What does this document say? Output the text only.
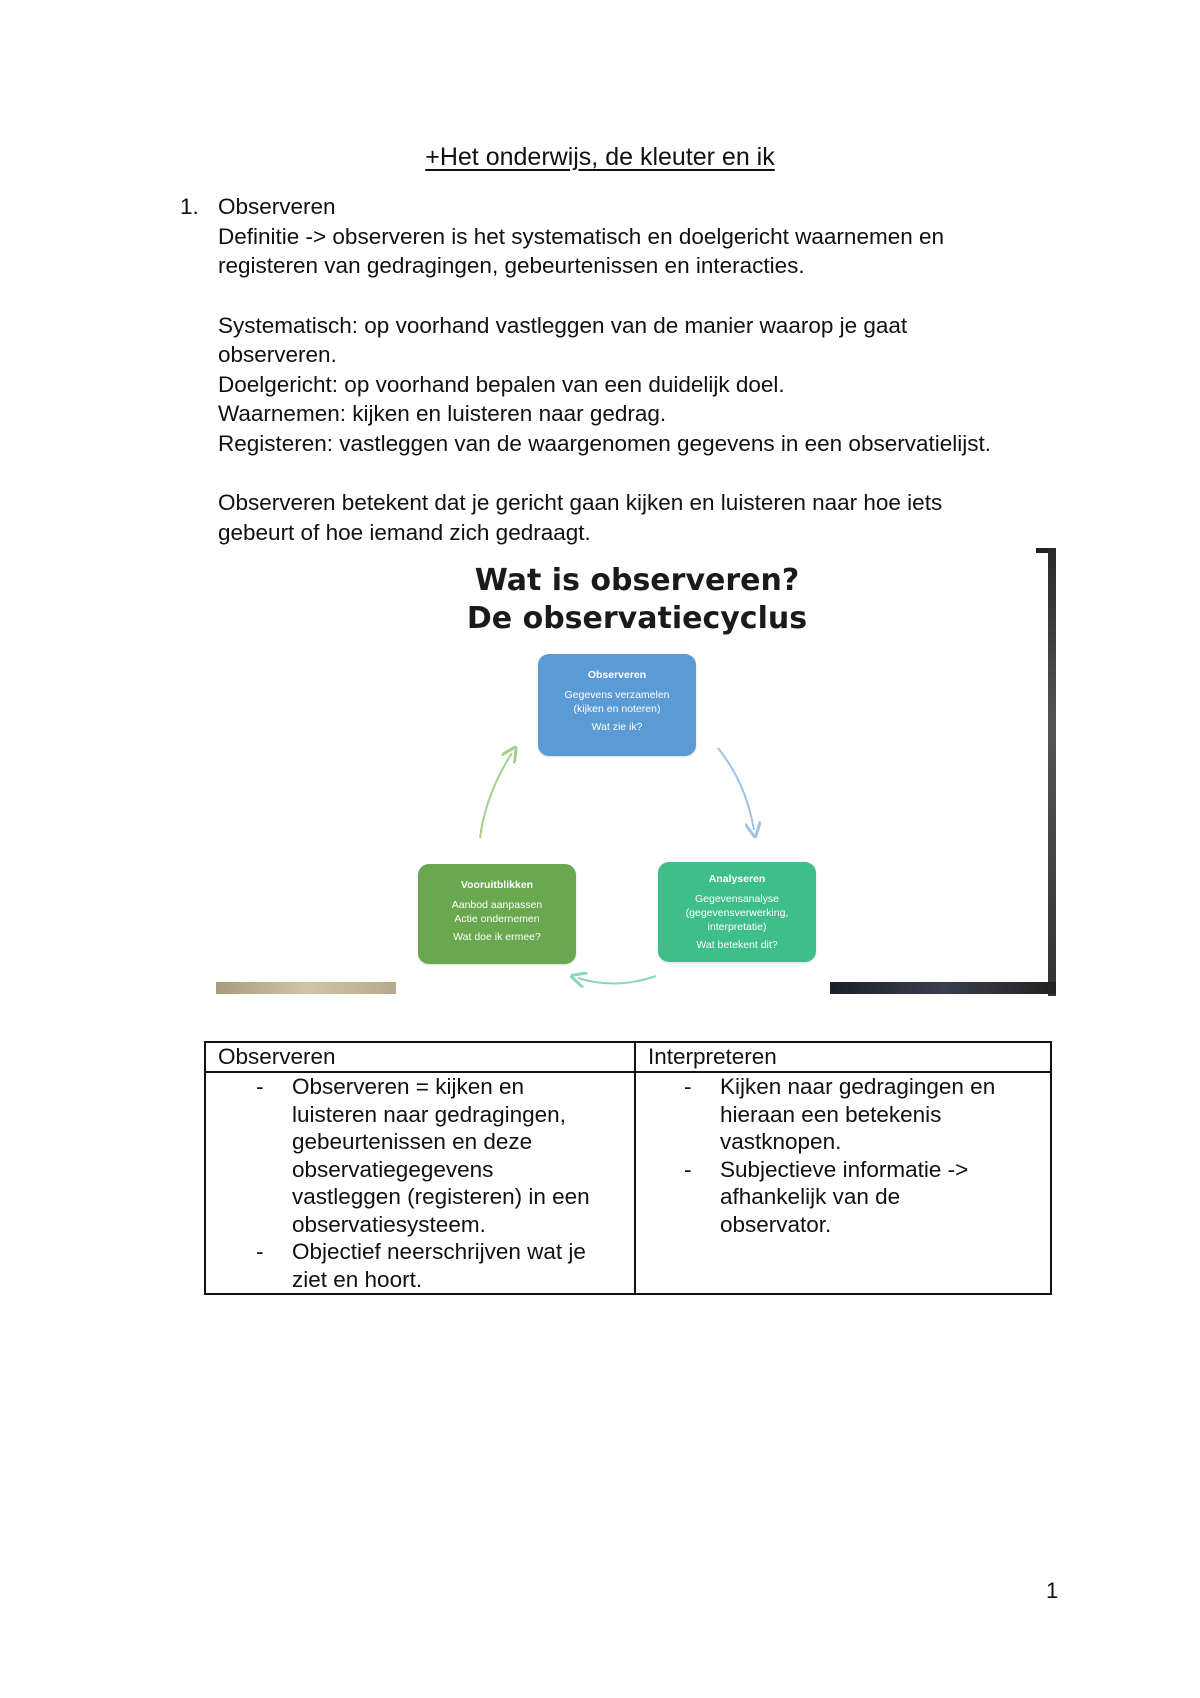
+Het onderwijs, de kleuter en ik
1. Observeren
Definitie -> observeren is het systematisch en doelgericht waarnemen en
registeren van gedragingen, gebeurtenissen en interacties.
Systematisch: op voorhand vastleggen van de manier waarop je gaat
observeren.
Doelgericht: op voorhand bepalen van een duidelijk doel.
Waarnemen: kijken en luisteren naar gedrag.
Registeren: vastleggen van de waargenomen gegevens in een observatielijst.
Observeren betekent dat je gericht gaan kijken en luisteren naar hoe iets
gebeurt of hoe iemand zich gedraagt.
Wat is observeren?
De observatiecyclus
Observeren
Gegevens verzamelen
(kijken en noteren)
Wat zie ik?
Analyseren
Gegevensanalyse
(gegevensverwerking,
interpretatie)
Wat betekent dit?
Vooruitblikken
Aanbod aanpassen
Actie ondernemen
Wat doe ik ermee?
Observeren
- Observeren = kijken en
luisteren naar gedragingen,
gebeurtenissen en deze
observatiegegevens
vastleggen (registeren) in een
observatiesysteem.
- Objectief neerschrijven wat je
ziet en hoort.
Interpreteren
- Kijken naar gedragingen en
hieraan een betekenis
vastknopen.
- Subjectieve informatie ->
afhankelijk van de
observator.
1
